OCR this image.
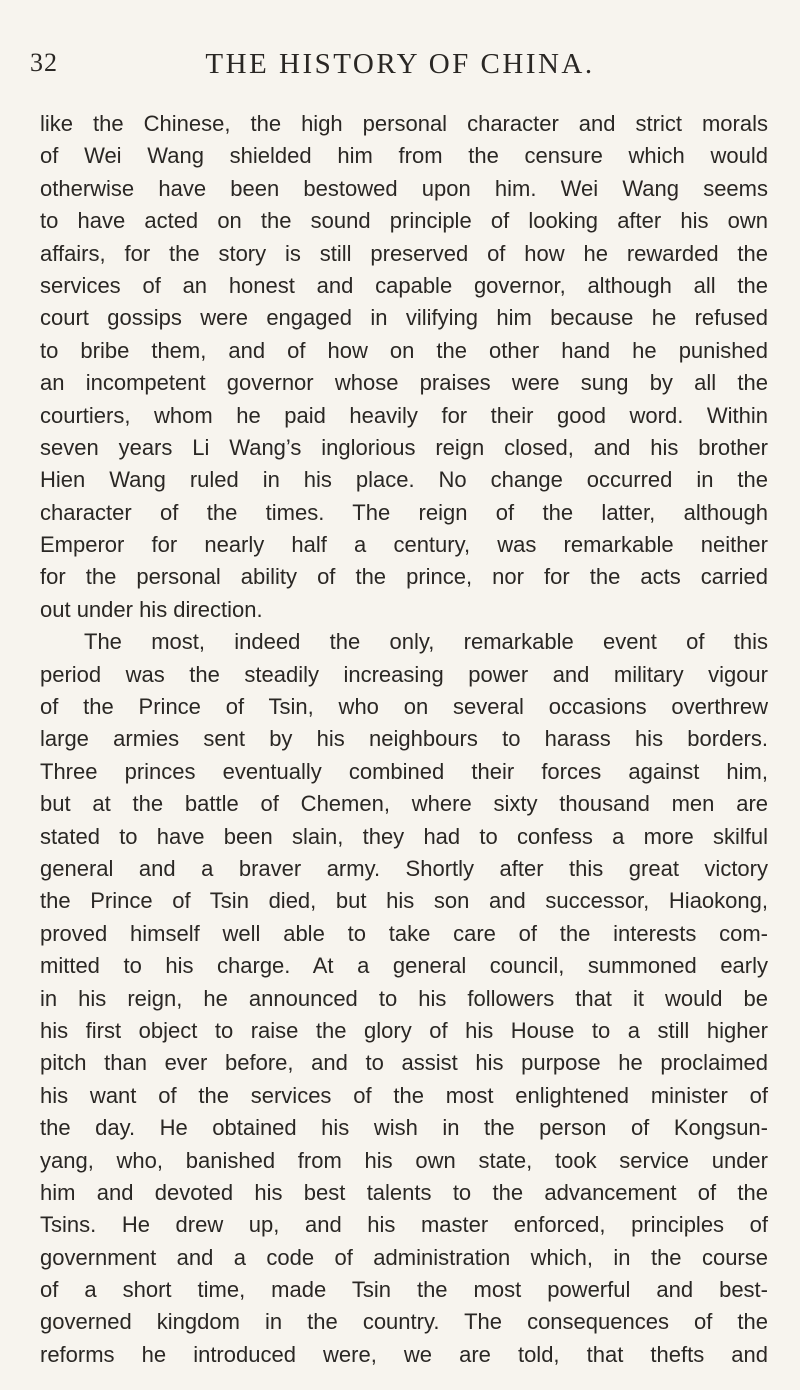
32	THE HISTORY OF CHINA.
like the Chinese, the high personal character and strict morals
of Wei Wang shielded him from the censure which would
otherwise have been bestowed upon him. Wei Wang seems
to have acted on the sound principle of looking after his own
affairs, for the story is still preserved of how he rewarded the
services of an honest and capable governor, although all the
court gossips were engaged in vilifying him because he refused
to bribe them, and of how on the other hand he punished
an incompetent governor whose praises were sung by all the
courtiers, whom he paid heavily for their good word. Within
seven years Li Wang’s inglorious reign closed, and his brother
Hien Wang ruled in his place. No change occurred in the
character of the times. The reign of the latter, although
Emperor for nearly half a century, was remarkable neither
for the personal ability of the prince, nor for the acts carried
out under his direction.
The most, indeed the only, remarkable event of this
period was the steadily increasing power and military vigour
of the Prince of Tsin, who on several occasions overthrew
large armies sent by his neighbours to harass his borders.
Three princes eventually combined their forces against him,
but at the battle of Chemen, where sixty thousand men are
stated to have been slain, they had to confess a more skilful
general and a braver army. Shortly after this great victory
the Prince of Tsin died, but his son and successor, Hiaokong,
proved himself well able to take care of the interests com-
mitted to his charge. At a general council, summoned early
in his reign, he announced to his followers that it would be
his first object to raise the glory of his House to a still higher
pitch than ever before, and to assist his purpose he proclaimed
his want of the services of the most enlightened minister of
the day. He obtained his wish in the person of Kongsun-
yang, who, banished from his own state, took service under
him and devoted his best talents to the advancement of the
Tsins. He drew up, and his master enforced, principles of
government and a code of administration which, in the course
of a short time, made Tsin the most powerful and best-
governed kingdom in the country. The consequences of the
reforms he introduced were, we are told, that thefts and
